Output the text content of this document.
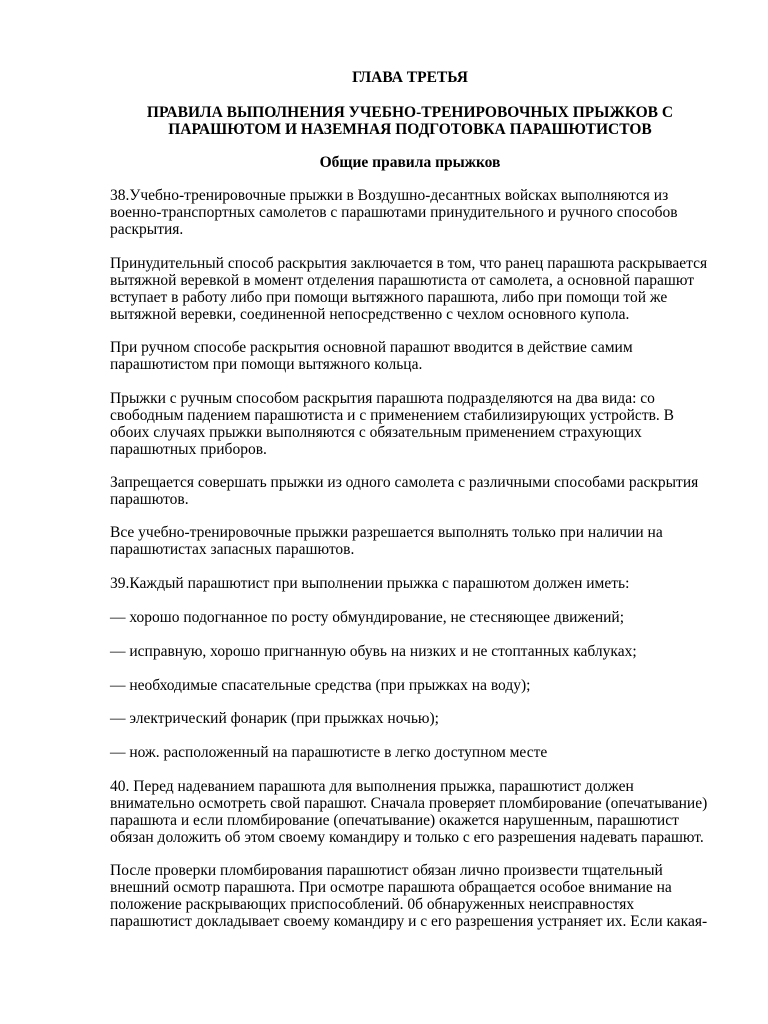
ГЛАВА ТРЕТЬЯ

ПРАВИЛА ВЫПОЛНЕНИЯ УЧЕБНО-ТРЕНИРОВОЧНЫХ ПРЫЖКОВ С

ПАРАШЮТОМ И НАЗЕМНАЯ ПОДГОТОВКА ПАРАШЮТИСТОВ

Общие правила прыжков

38.Учебно-тренировочные прыжки в Воздушно-десантных войсках выполняются из
военно-транспортных самолетов с парашютами принудительного и ручного способов
раскрытия.

Принудительный способ раскрытия заключается в том, что ранец парашюта раскрывается
вытяжной веревкой в момент отделения парашютиста от самолета, а основной парашют
вступает в работу либо при помощи вытяжного парашюта, либо при помощи той же
вытяжной веревки, соединенной непосредственно с чехлом основного купола.

При ручном способе раскрытия основной парашют вводится в действие самим
парашютистом при помощи вытяжного кольца.

Прыжки с ручным способом раскрытия парашюта подразделяются на два вида: со
свободным падением парашютиста и с применением стабилизирующих устройств. В
обоих случаях прыжки выполняются с обязательным применением страхующих
парашютных приборов.

Запрещается совершать прыжки из одного самолета с различными способами раскрытия
парашютов.

Все учебно-тренировочные прыжки разрешается выполнять только при наличии на
парашютистах запасных парашютов.

39.Каждый парашютист при выполнении прыжка с парашютом должен иметь:

— хорошо подогнанное по росту обмундирование, не стесняющее движений;

— исправную, хорошо пригнанную обувь на низких и не стоптанных каблуках;

— необходимые спасательные средства (при прыжках на воду);

— электрический фонарик (при прыжках ночью);

— нож. расположенный на парашютисте в легко доступном месте

40. Перед надеванием парашюта для выполнения прыжка, парашютист должен
внимательно осмотреть свой парашют. Сначала проверяет пломбирование (опечатывание)
парашюта и если пломбирование (опечатывание) окажется нарушенным, парашютист
обязан доложить об этом своему командиру и только с его разрешения надевать парашют.

После проверки пломбирования парашютист обязан лично произвести тщательный
внешний осмотр парашюта. При осмотре парашюта обращается особое внимание на
положение раскрывающих приспособлений. 0б обнаруженных неисправностях
парашютист докладывает своему командиру и с его разрешения устраняет их. Если какая-
